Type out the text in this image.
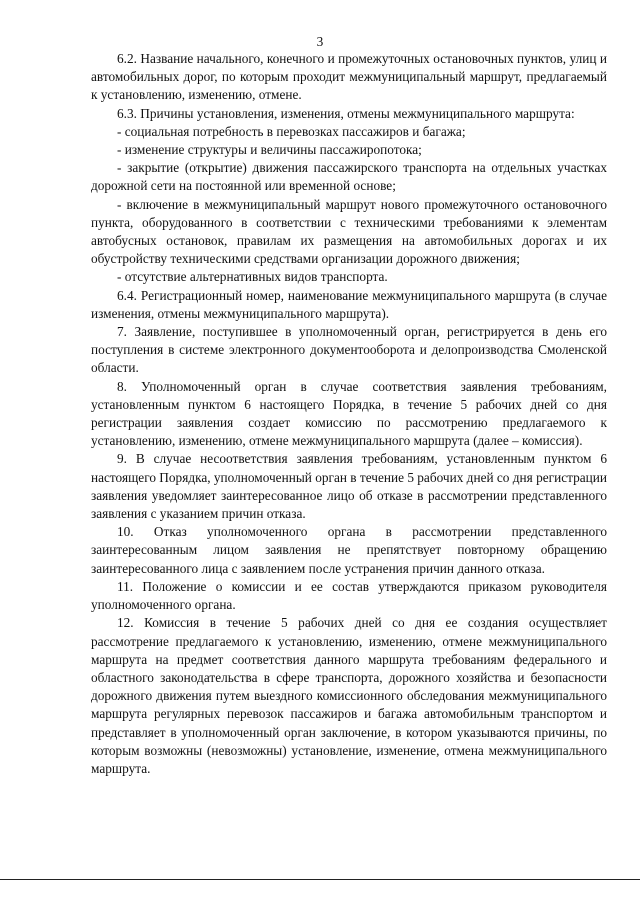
3

6.2. Название начального, конечного и промежуточных остановочных пунктов, улиц и автомобильных дорог, по которым проходит межмуниципальный маршрут, предлагаемый к установлению, изменению, отмене.

6.3. Причины установления, изменения, отмены межмуниципального маршрута:

- социальная потребность в перевозках пассажиров и багажа;

- изменение структуры и величины пассажиропотока;

- закрытие (открытие) движения пассажирского транспорта на отдельных участках дорожной сети на постоянной или временной основе;

- включение в межмуниципальный маршрут нового промежуточного остановочного пункта, оборудованного в соответствии с техническими требованиями к элементам автобусных остановок, правилам их размещения на автомобильных дорогах и их обустройству техническими средствами организации дорожного движения;

- отсутствие альтернативных видов транспорта.

6.4. Регистрационный номер, наименование межмуниципального маршрута (в случае изменения, отмены межмуниципального маршрута).

7. Заявление, поступившее в уполномоченный орган, регистрируется в день его поступления в системе электронного документооборота и делопроизводства Смоленской области.

8. Уполномоченный орган в случае соответствия заявления требованиям, установленным пунктом 6 настоящего Порядка, в течение 5 рабочих дней со дня регистрации заявления создает комиссию по рассмотрению предлагаемого к установлению, изменению, отмене межмуниципального маршрута (далее – комиссия).

9. В случае несоответствия заявления требованиям, установленным пунктом 6 настоящего Порядка, уполномоченный орган в течение 5 рабочих дней со дня регистрации заявления уведомляет заинтересованное лицо об отказе в рассмотрении представленного заявления с указанием причин отказа.

10. Отказ уполномоченного органа в рассмотрении представленного заинтересованным лицом заявления не препятствует повторному обращению заинтересованного лица с заявлением после устранения причин данного отказа.

11. Положение о комиссии и ее состав утверждаются приказом руководителя уполномоченного органа.

12. Комиссия в течение 5 рабочих дней со дня ее создания осуществляет рассмотрение предлагаемого к установлению, изменению, отмене межмуниципального маршрута на предмет соответствия данного маршрута требованиям федерального и областного законодательства в сфере транспорта, дорожного хозяйства и безопасности дорожного движения путем выездного комиссионного обследования межмуниципального маршрута регулярных перевозок пассажиров и багажа автомобильным транспортом и представляет в уполномоченный орган заключение, в котором указываются причины, по которым возможны (невозможны) установление, изменение, отмена межмуниципального маршрута.
